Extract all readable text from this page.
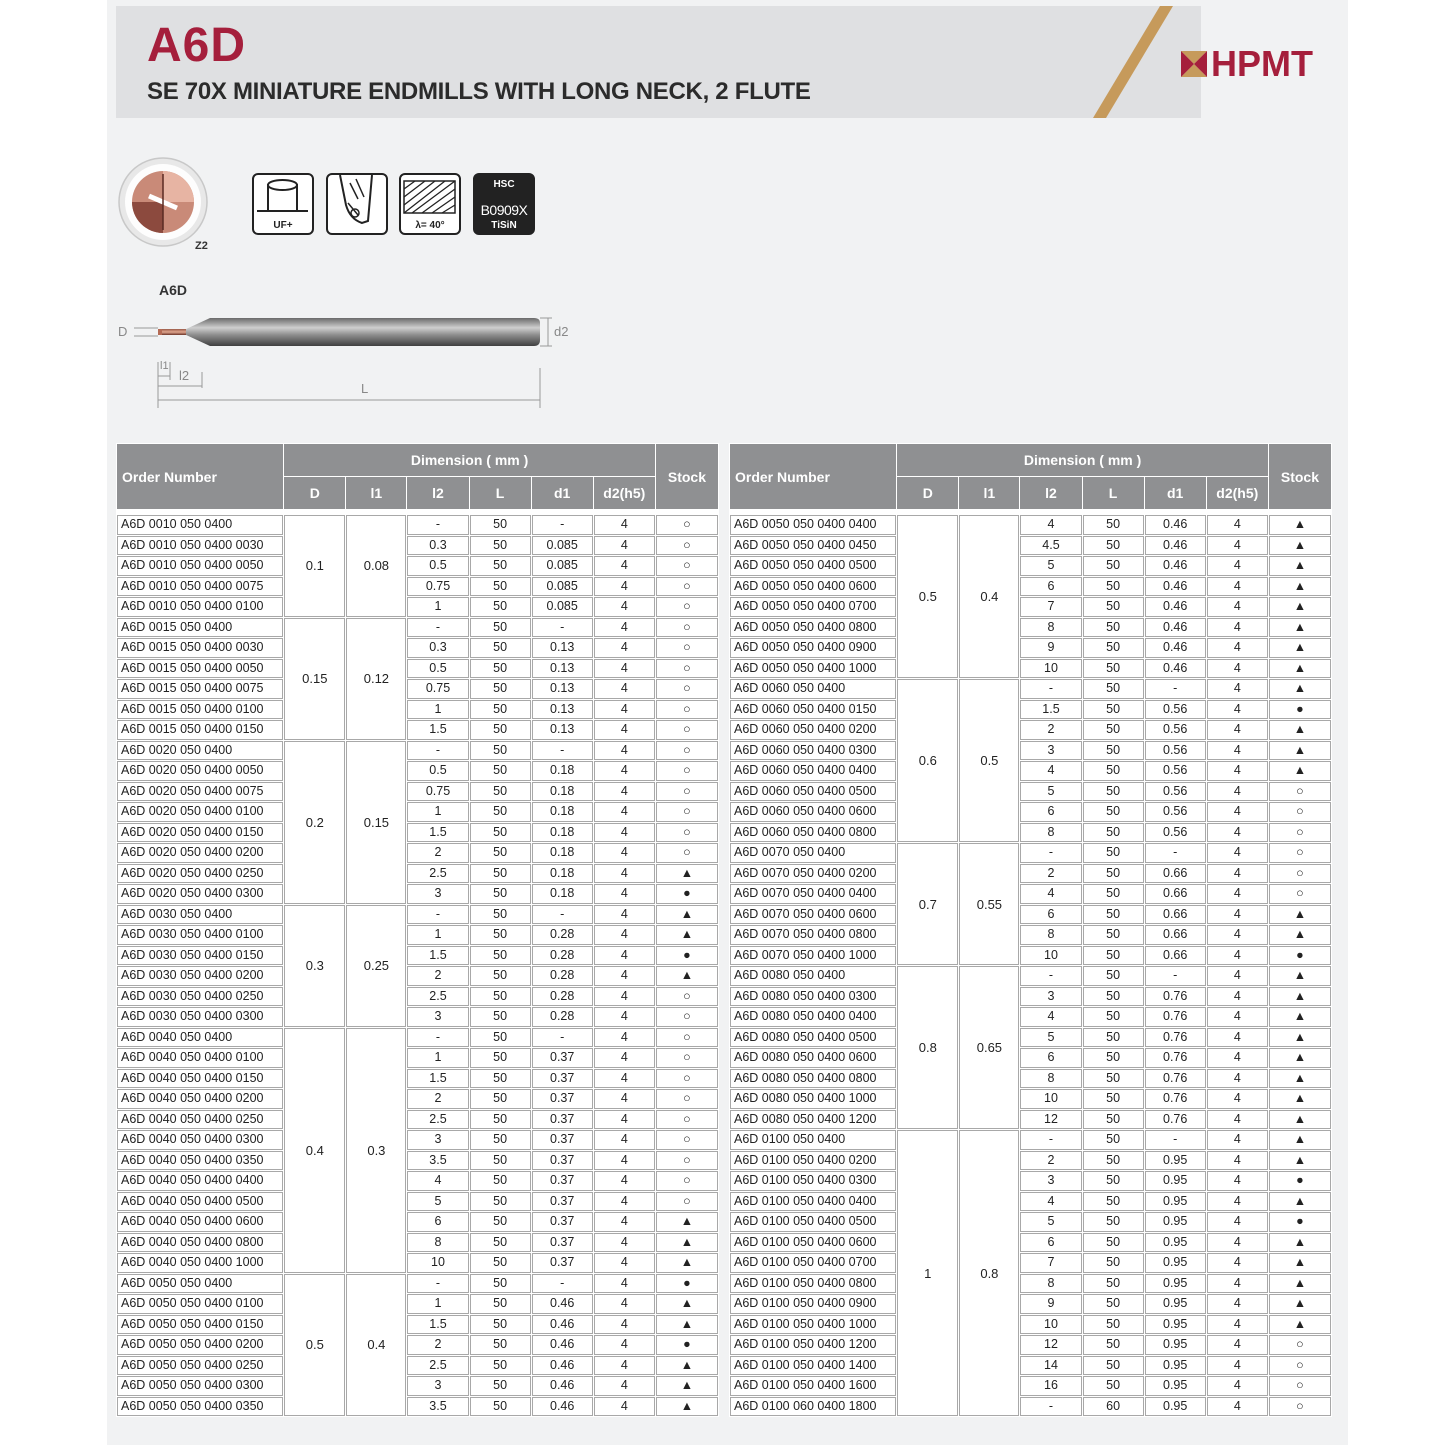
A6D
SE 70X MINIATURE ENDMILLS WITH LONG NECK, 2 FLUTE
HPMT
Z2
UF+	λ= 40°
HSC
B0909X
TiSiN
A6D
D	d2
l1
l2
L
Order Number	Dimension ( mm )						Stock
	D	l1	l2	L	d1	d2(h5)	

A6D 0010 050 0400	0.1	0.08	-	50	-	4	○
A6D 0010 050 0400 0030			0.3	50	0.085	4	○
A6D 0010 050 0400 0050			0.5	50	0.085	4	○
A6D 0010 050 0400 0075			0.75	50	0.085	4	○
A6D 0010 050 0400 0100			1	50	0.085	4	○
A6D 0015 050 0400	0.15	0.12	-	50	-	4	○
A6D 0015 050 0400 0030			0.3	50	0.13	4	○
A6D 0015 050 0400 0050			0.5	50	0.13	4	○
A6D 0015 050 0400 0075			0.75	50	0.13	4	○
A6D 0015 050 0400 0100			1	50	0.13	4	○
A6D 0015 050 0400 0150			1.5	50	0.13	4	○
A6D 0020 050 0400	0.2	0.15	-	50	-	4	○
A6D 0020 050 0400 0050			0.5	50	0.18	4	○
A6D 0020 050 0400 0075			0.75	50	0.18	4	○
A6D 0020 050 0400 0100			1	50	0.18	4	○
A6D 0020 050 0400 0150			1.5	50	0.18	4	○
A6D 0020 050 0400 0200			2	50	0.18	4	○
A6D 0020 050 0400 0250			2.5	50	0.18	4	▲
A6D 0020 050 0400 0300			3	50	0.18	4	●
A6D 0030 050 0400	0.3	0.25	-	50	-	4	▲
A6D 0030 050 0400 0100			1	50	0.28	4	▲
A6D 0030 050 0400 0150			1.5	50	0.28	4	●
A6D 0030 050 0400 0200			2	50	0.28	4	▲
A6D 0030 050 0400 0250			2.5	50	0.28	4	○
A6D 0030 050 0400 0300			3	50	0.28	4	○
A6D 0040 050 0400	0.4	0.3	-	50	-	4	○
A6D 0040 050 0400 0100			1	50	0.37	4	○
A6D 0040 050 0400 0150			1.5	50	0.37	4	○
A6D 0040 050 0400 0200			2	50	0.37	4	○
A6D 0040 050 0400 0250			2.5	50	0.37	4	○
A6D 0040 050 0400 0300			3	50	0.37	4	○
A6D 0040 050 0400 0350			3.5	50	0.37	4	○
A6D 0040 050 0400 0400			4	50	0.37	4	○
A6D 0040 050 0400 0500			5	50	0.37	4	○
A6D 0040 050 0400 0600			6	50	0.37	4	▲
A6D 0040 050 0400 0800			8	50	0.37	4	▲
A6D 0040 050 0400 1000			10	50	0.37	4	▲
A6D 0050 050 0400	0.5	0.4	-	50	-	4	●
A6D 0050 050 0400 0100			1	50	0.46	4	▲
A6D 0050 050 0400 0150			1.5	50	0.46	4	▲
A6D 0050 050 0400 0200			2	50	0.46	4	●
A6D 0050 050 0400 0250			2.5	50	0.46	4	▲
A6D 0050 050 0400 0300			3	50	0.46	4	▲
A6D 0050 050 0400 0350			3.5	50	0.46	4	▲
Order Number	Dimension ( mm )						Stock
	D	l1	l2	L	d1	d2(h5)	

A6D 0050 050 0400 0400	0.5	0.4	4	50	0.46	4	▲
A6D 0050 050 0400 0450			4.5	50	0.46	4	▲
A6D 0050 050 0400 0500			5	50	0.46	4	▲
A6D 0050 050 0400 0600			6	50	0.46	4	▲
A6D 0050 050 0400 0700			7	50	0.46	4	▲
A6D 0050 050 0400 0800			8	50	0.46	4	▲
A6D 0050 050 0400 0900			9	50	0.46	4	▲
A6D 0050 050 0400 1000			10	50	0.46	4	▲
A6D 0060 050 0400	0.6	0.5	-	50	-	4	▲
A6D 0060 050 0400 0150			1.5	50	0.56	4	●
A6D 0060 050 0400 0200			2	50	0.56	4	▲
A6D 0060 050 0400 0300			3	50	0.56	4	▲
A6D 0060 050 0400 0400			4	50	0.56	4	▲
A6D 0060 050 0400 0500			5	50	0.56	4	○
A6D 0060 050 0400 0600			6	50	0.56	4	○
A6D 0060 050 0400 0800			8	50	0.56	4	○
A6D 0070 050 0400	0.7	0.55	-	50	-	4	○
A6D 0070 050 0400 0200			2	50	0.66	4	○
A6D 0070 050 0400 0400			4	50	0.66	4	○
A6D 0070 050 0400 0600			6	50	0.66	4	▲
A6D 0070 050 0400 0800			8	50	0.66	4	▲
A6D 0070 050 0400 1000			10	50	0.66	4	●
A6D 0080 050 0400	0.8	0.65	-	50	-	4	▲
A6D 0080 050 0400 0300			3	50	0.76	4	▲
A6D 0080 050 0400 0400			4	50	0.76	4	▲
A6D 0080 050 0400 0500			5	50	0.76	4	▲
A6D 0080 050 0400 0600			6	50	0.76	4	▲
A6D 0080 050 0400 0800			8	50	0.76	4	▲
A6D 0080 050 0400 1000			10	50	0.76	4	▲
A6D 0080 050 0400 1200			12	50	0.76	4	▲
A6D 0100 050 0400	1	0.8	-	50	-	4	▲
A6D 0100 050 0400 0200			2	50	0.95	4	▲
A6D 0100 050 0400 0300			3	50	0.95	4	●
A6D 0100 050 0400 0400			4	50	0.95	4	▲
A6D 0100 050 0400 0500			5	50	0.95	4	●
A6D 0100 050 0400 0600			6	50	0.95	4	▲
A6D 0100 050 0400 0700			7	50	0.95	4	▲
A6D 0100 050 0400 0800			8	50	0.95	4	▲
A6D 0100 050 0400 0900			9	50	0.95	4	▲
A6D 0100 050 0400 1000			10	50	0.95	4	▲
A6D 0100 050 0400 1200			12	50	0.95	4	○
A6D 0100 050 0400 1400			14	50	0.95	4	○
A6D 0100 050 0400 1600			16	50	0.95	4	○
A6D 0100 060 0400 1800			-	60	0.95	4	○
